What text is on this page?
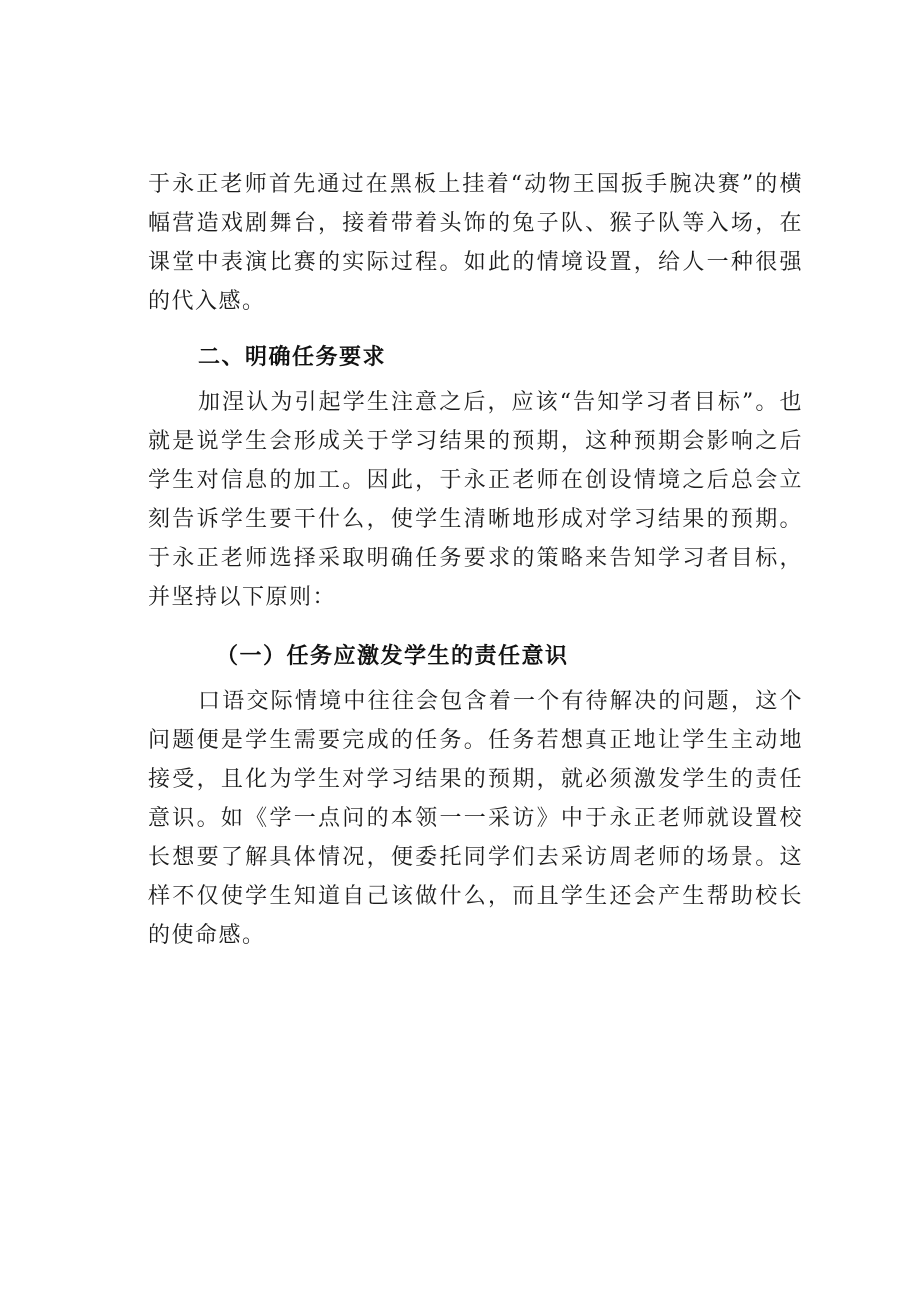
于永正老师首先通过在黑板上挂着“动物王国扳手腕决赛”的横幅营造戏剧舞台，接着带着头饰的兔子队、猴子队等入场，在课堂中表演比赛的实际过程。如此的情境设置，给人一种很强的代入感。

二、明确任务要求

加涅认为引起学生注意之后，应该“告知学习者目标”。也就是说学生会形成关于学习结果的预期，这种预期会影响之后学生对信息的加工。因此，于永正老师在创设情境之后总会立刻告诉学生要干什么，使学生清晰地形成对学习结果的预期。于永正老师选择采取明确任务要求的策略来告知学习者目标，并坚持以下原则：

（一）任务应激发学生的责任意识

口语交际情境中往往会包含着一个有待解决的问题，这个问题便是学生需要完成的任务。任务若想真正地让学生主动地接受，且化为学生对学习结果的预期，就必须激发学生的责任意识。如《学一点问的本领一一采访》中于永正老师就设置校长想要了解具体情况，便委托同学们去采访周老师的场景。这样不仅使学生知道自己该做什么，而且学生还会产生帮助校长的使命感。
